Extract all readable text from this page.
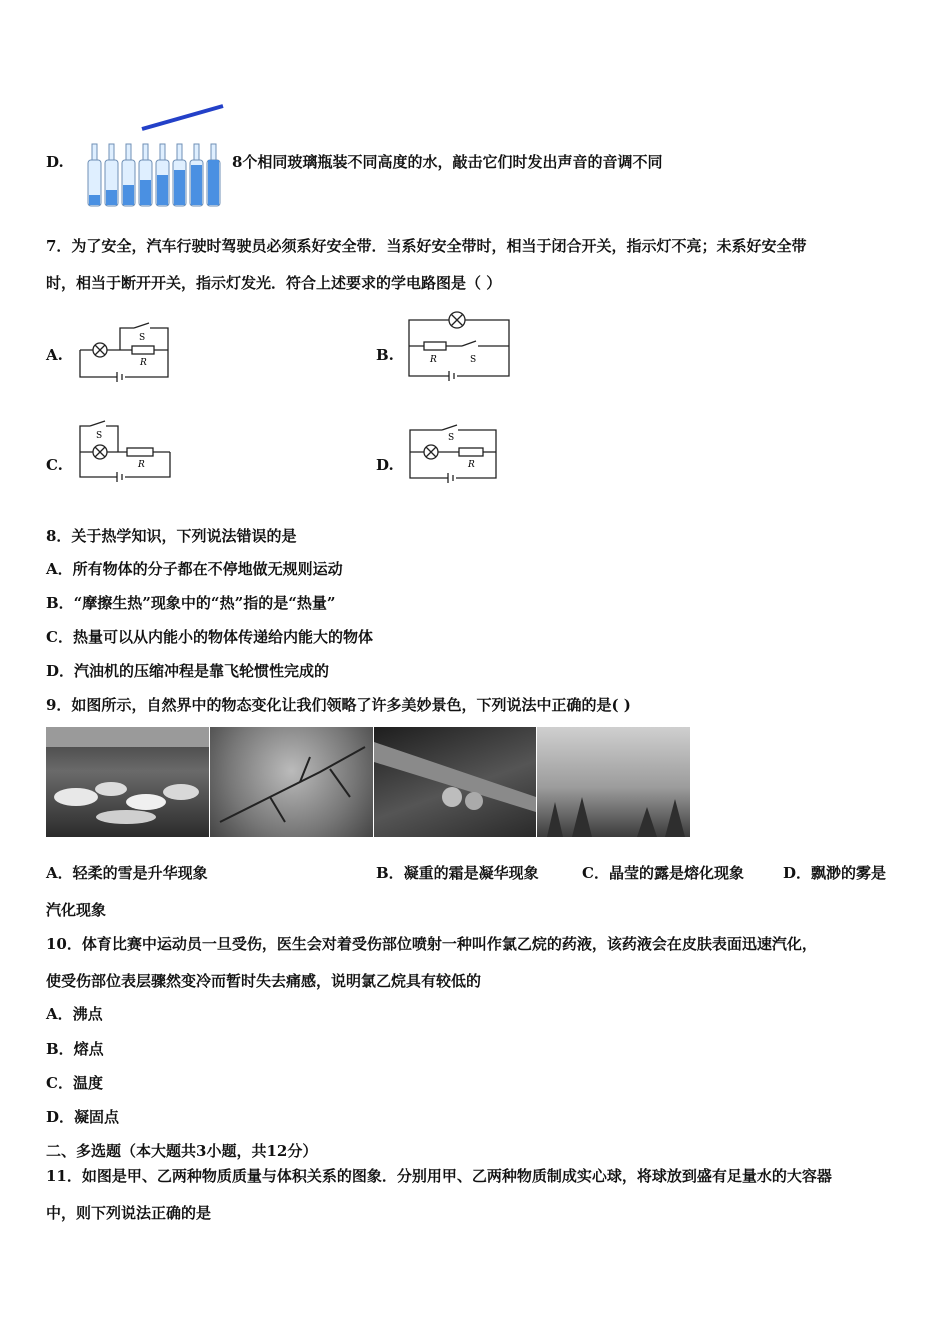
D.	8个相同玻璃瓶装不同高度的水，敲击它们时发出声音的音调不同
7．为了安全，汽车行驶时驾驶员必须系好安全带．当系好安全带时，相当于闭合开关，指示灯不亮；未系好安全带
时，相当于断开开关，指示灯发光．符合上述要求的学电路图是（ ）
A.
S
R	B.	R	S
C.
S
R	D.
S
R
8．关于热学知识，下列说法错误的是
A．所有物体的分子都在不停地做无规则运动
B．“摩擦生热”现象中的“热”指的是“热量”
C．热量可以从内能小的物体传递给内能大的物体
D．汽油机的压缩冲程是靠飞轮惯性完成的
9．如图所示，自然界中的物态变化让我们领略了许多美妙景色，下列说法中正确的是( )
A．轻柔的雪是升华现象	B．凝重的霜是凝华现象	C．晶莹的露是熔化现象	D．飘渺的雾是
汽化现象
10．体育比赛中运动员一旦受伤，医生会对着受伤部位喷射一种叫作氯乙烷的药液，该药液会在皮肤表面迅速汽化，
使受伤部位表层骤然变冷而暂时失去痛感，说明氯乙烷具有较低的
A．沸点
B．熔点
C．温度
D．凝固点
二、多选题（本大题共3小题，共12分）
11．如图是甲、乙两种物质质量与体积关系的图象．分别用甲、乙两种物质制成实心球，将球放到盛有足量水的大容器
中，则下列说法正确的是
